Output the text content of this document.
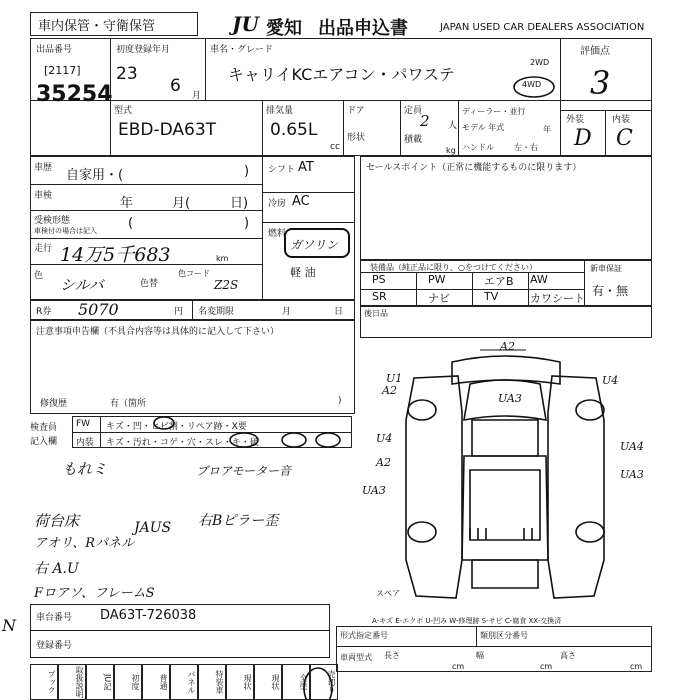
車内保管・守衛保管	JU 愛知 出品申込書	JAPAN USED CAR DEALERS ASSOCIATION
出品番号
[2117]
35254
初度登録年月
23
6 月
車名・グレード
キャリイKCエアコン・パワステ
2WD
4WD
評価点
3
型式
EBD-DA63T
排気量
0.65L
cc
ドア
形状
定員
2 人
積載
kg
ディーラー・並行
モデル 年式	年
ハンドル	左・右
外装	内装
D C
車歴 自家用・(	)
車検	年	月(	日)
受検形態
車検付の場合は記入 (	)
走行 14万5千683	km
色 シルバ	色替
色コード
Z2S
シフト AT
冷房 AC
燃料
ガソリン
軽 油
セールスポイント（正常に機能するものに限ります）
装備品（純正品に限り、○をつけてください）
PS	PW	エアB AW
SR	ナビ	TV	カワシート
新車保証
有・無
R券 5070	円 名変期限	月	日	後日品
注意事項申告欄（不具合内容等は具体的に記入して下さい）
修復歴	有（箇所	)
検査員
記入欄
FW キズ・凹・ヒビ割・リペア跡・X要
内装 キズ・汚れ・コゲ・穴・スレ・キ・破
もれミ	ブロアモーター音
荷台床	JAUS 右Bピラー歪
アオリ、Rパネル
右 A.U
Fロアソ、フレームS
A2
U1
A2
U4
UA3
U4
A2
UA4
UA3
UA3
スペア
A-キズ E-エクボ U-凹み W-修理跡 S-サビ C-腐食 XX-交換済
形式指定番号	類別区分番号
車両型式 長さ	幅	高さ
cm	cm	cm
N 車台番号 DA63T-726038
登録番号
ブック	取扱説明	JU記	初度	普通	パネル	特装車	現状	現状	全塗	売切り
